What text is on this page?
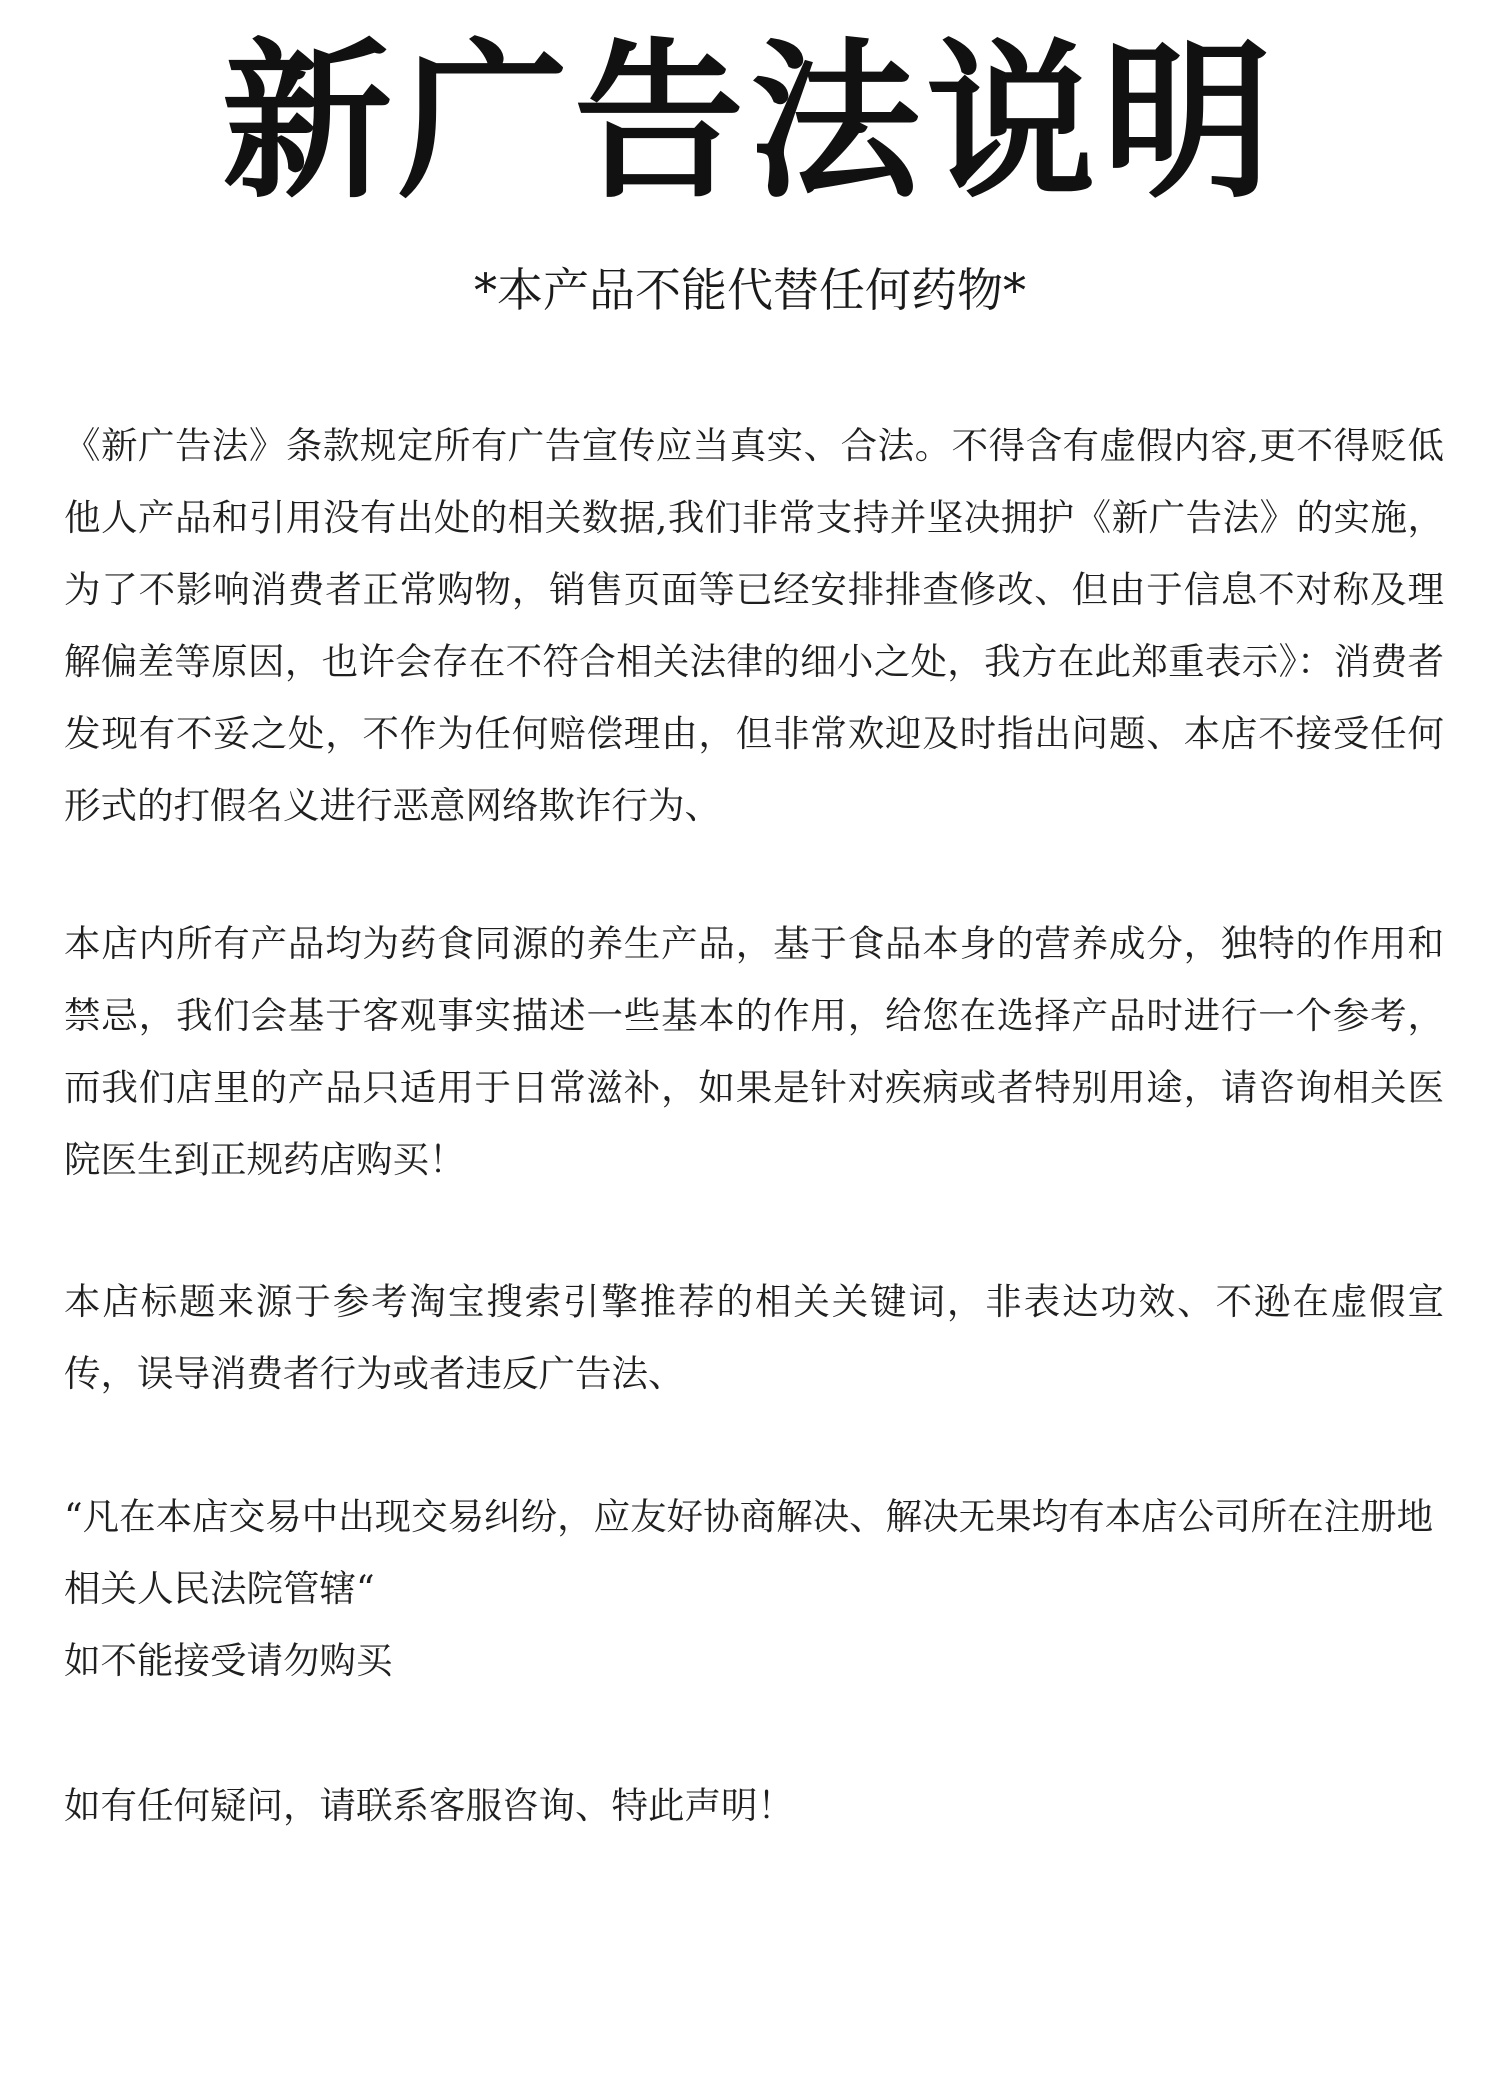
新广告法说明
*本产品不能代替任何药物*

《新广告法》条款规定所有广告宣传应当真实、合法。不得含有虚假内容,更不得贬低他人产品和引用没有出处的相关数据,我们非常支持并坚决拥护《新广告法》的实施，为了不影响消费者正常购物，销售页面等已经安排排查修改、但由于信息不对称及理解偏差等原因，也许会存在不符合相关法律的细小之处，我方在此郑重表示》：消费者发现有不妥之处，不作为任何赔偿理由，但非常欢迎及时指出问题、本店不接受任何形式的打假名义进行恶意网络欺诈行为、

本店内所有产品均为药食同源的养生产品，基于食品本身的营养成分，独特的作用和禁忌，我们会基于客观事实描述一些基本的作用，给您在选择产品时进行一个参考，而我们店里的产品只适用于日常滋补，如果是针对疾病或者特别用途，请咨询相关医院医生到正规药店购买！

本店标题来源于参考淘宝搜索引擎推荐的相关关键词，非表达功效、不逊在虚假宣传，误导消费者行为或者违反广告法、

“凡在本店交易中出现交易纠纷，应友好协商解决、解决无果均有本店公司所在注册地

相关人民法院管辖“

如不能接受请勿购买

如有任何疑问，请联系客服咨询、特此声明！
